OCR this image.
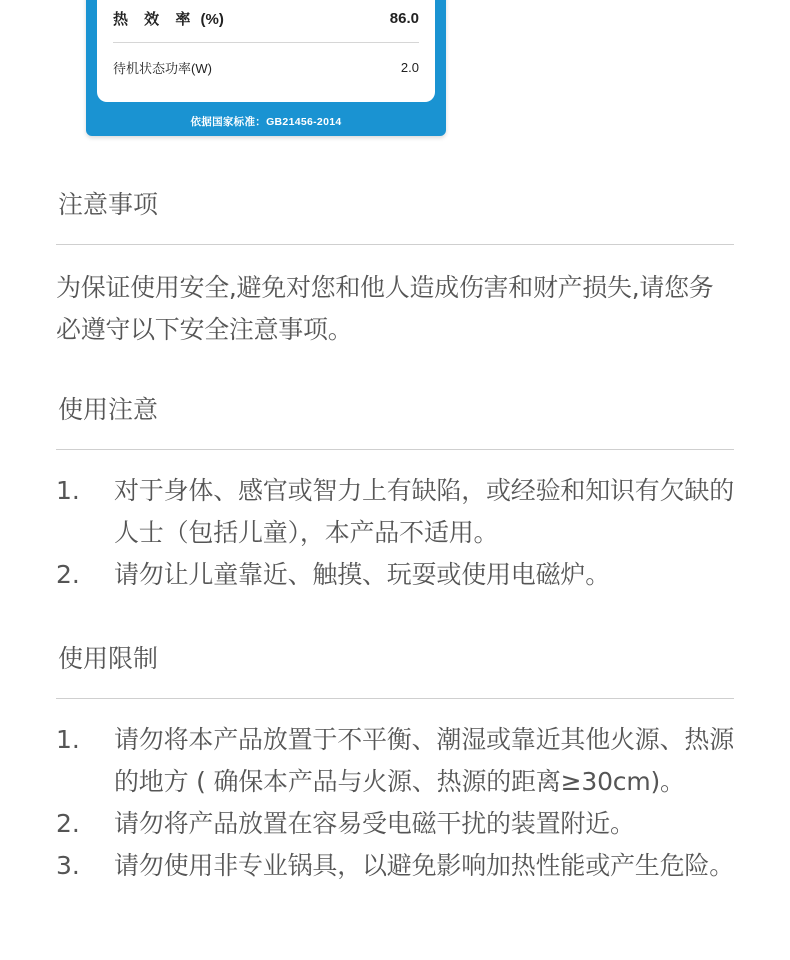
热 效 率 (%)	86.0
待机状态功率(W)	2.0
依据国家标准：GB21456-2014
注意事项

为保证使用安全,避免对您和他人造成伤害和财产损失,请您务必遵守以下安全注意事项。

使用注意
1.	对于身体、感官或智力上有缺陷，或经验和知识有欠缺的人士（包括儿童），本产品不适用。
2.	请勿让儿童靠近、触摸、玩耍或使用电磁炉。
使用限制
1.	请勿将本产品放置于不平衡、潮湿或靠近其他火源、热源的地方 ( 确保本产品与火源、热源的距离≥30cm)。
2.	请勿将产品放置在容易受电磁干扰的装置附近。
3.	请勿使用非专业锅具，以避免影响加热性能或产生危险。
